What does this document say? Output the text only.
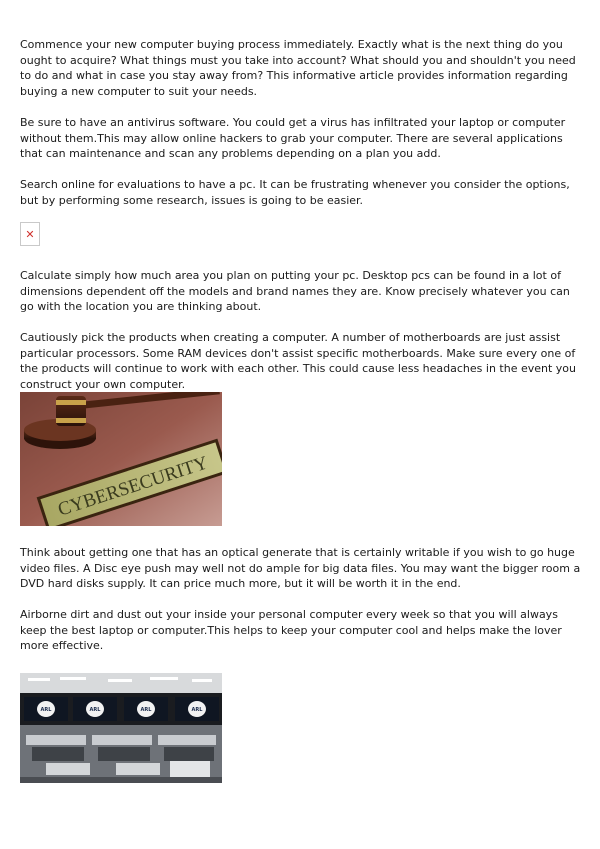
Commence your new computer buying process immediately. Exactly what is the next thing do you ought to acquire? What things must you take into account? What should you and shouldn't you need to do and what in case you stay away from? This informative article provides information regarding buying a new computer to suit your needs.

Be sure to have an antivirus software. You could get a virus has infiltrated your laptop or computer without them.This may allow online hackers to grab your computer. There are several applications that can maintenance and scan any problems depending on a plan you add.

Search online for evaluations to have a pc. It can be frustrating whenever you consider the options, but by performing some research, issues is going to be easier.

✕

Calculate simply how much area you plan on putting your pc. Desktop pcs can be found in a lot of dimensions dependent off the models and brand names they are. Know precisely whatever you can go with the location you are thinking about.

Cautiously pick the products when creating a computer. A number of motherboards are just assist particular processors. Some RAM devices don't assist specific motherboards. Make sure every one of the products will continue to work with each other. This could cause less headaches in the event you construct your own computer.

CYBERSECURITY

Think about getting one that has an optical generate that is certainly writable if you wish to go huge video files. A Disc eye push may well not do ample for big data files. You may want the bigger room a DVD hard disks supply. It can price much more, but it will be worth it in the end.

Airborne dirt and dust out your inside your personal computer every week so that you will always keep the best laptop or computer.This helps to keep your computer cool and helps make the lover more effective.

ARL	ARL	ARL	ARL
